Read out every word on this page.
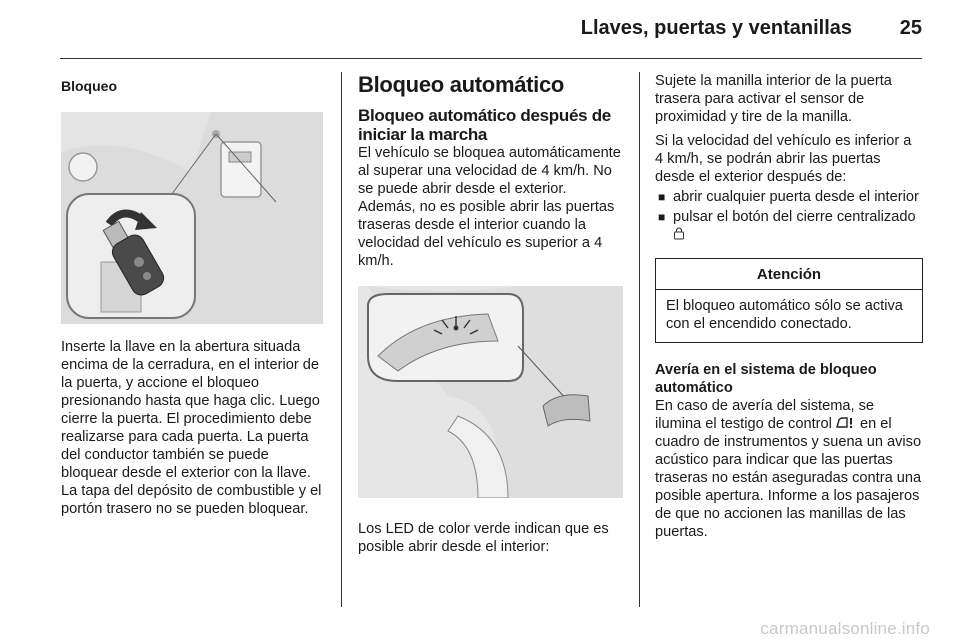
Llaves, puertas y ventanillas 25
Bloqueo

Inserte la llave en la abertura situada encima de la cerradura, en el interior de la puerta, y accione el bloqueo presionando hasta que haga clic. Luego cierre la puerta. El procedimiento debe realizarse para cada puerta. La puerta del conductor también se puede bloquear desde el exterior con la llave. La tapa del depósito de combustible y el portón trasero no se pueden bloquear.

Bloqueo automático
Bloqueo automático después de iniciar la marcha

El vehículo se bloquea automáticamente al superar una velocidad de 4 km/h. No se puede abrir desde el exterior. Además, no es posible abrir las puertas traseras desde el interior cuando la velocidad del vehículo es superior a 4 km/h.

Los LED de color verde indican que es posible abrir desde el interior:

Sujete la manilla interior de la puerta trasera para activar el sensor de proximidad y tire de la manilla.

Si la velocidad del vehículo es inferior a 4 km/h, se podrán abrir las puertas desde el exterior después de:

■ abrir cualquier puerta desde el interior
■ pulsar el botón del cierre centralizado
Atención

El bloqueo automático sólo se activa con el encendido conectado.

Avería en el sistema de bloqueo automático

En caso de avería del sistema, se ilumina el testigo de control en el cuadro de instrumentos y suena un aviso acústico para indicar que las puertas traseras no están aseguradas contra una posible apertura. Informe a los pasajeros de que no accionen las manillas de las puertas.

carmanualsonline.info
